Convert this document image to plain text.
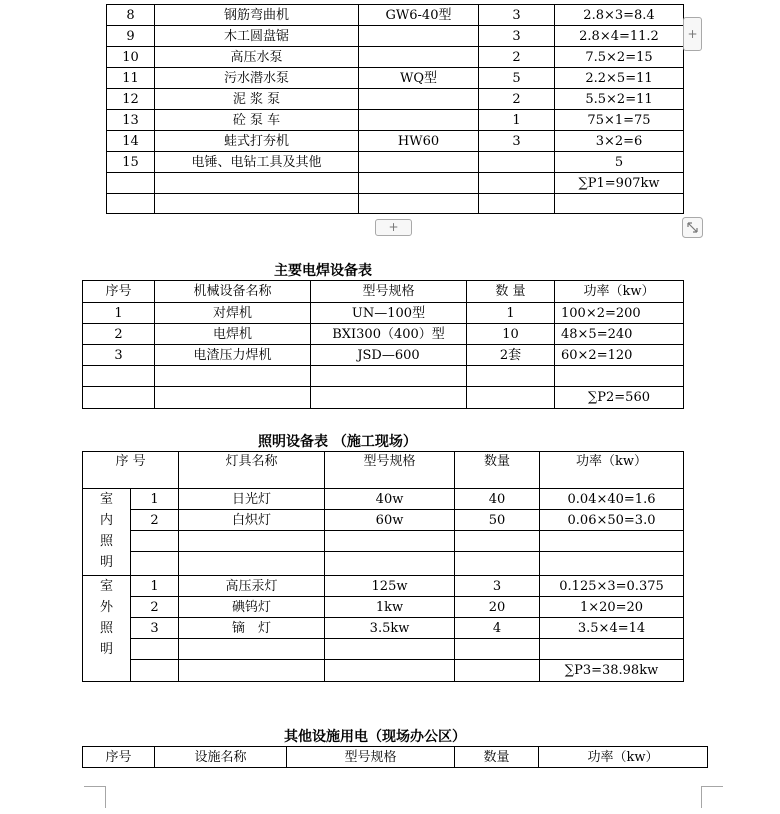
8	钢筋弯曲机	GW6-40型	3	2.8×3=8.4
9	木工圆盘锯		3	2.8×4=11.2
10	高压水泵		2	7.5×2=15
11	污水潜水泵	WQ型	5	2.2×5=11
12	泥 浆 泵		2	5.5×2=11
13	砼 泵 车		1	75×1=75
14	蛙式打夯机	HW60	3	3×2=6
15	电锤、电钻工具及其他			5
				∑P1=907kw

+
+
主要电焊设备表
序号	机械设备名称	型号规格	数 量	功率（kw）
1	对焊机	UN—100型	1	100×2=200
2	电焊机	BXI300（400）型	10	48×5=240
3	电渣压力焊机	JSD—600	2套	60×2=120

				∑P2=560
照明设备表 （施工现场）
序 号		灯具名称	型号规格	数量	功率（kw）
室内照明	1	日光灯	40w	40	0.04×40=1.6
	2	白炽灯	60w	50	0.06×50=3.0

室外照明	1	高压汞灯	125w	3	0.125×3=0.375
	2	碘钨灯	1kw	20	1×20=20
	3	镝　灯	3.5kw	4	3.5×4=14

					∑P3=38.98kw
其他设施用电（现场办公区）
序号	设施名称	型号规格	数量	功率（kw）
